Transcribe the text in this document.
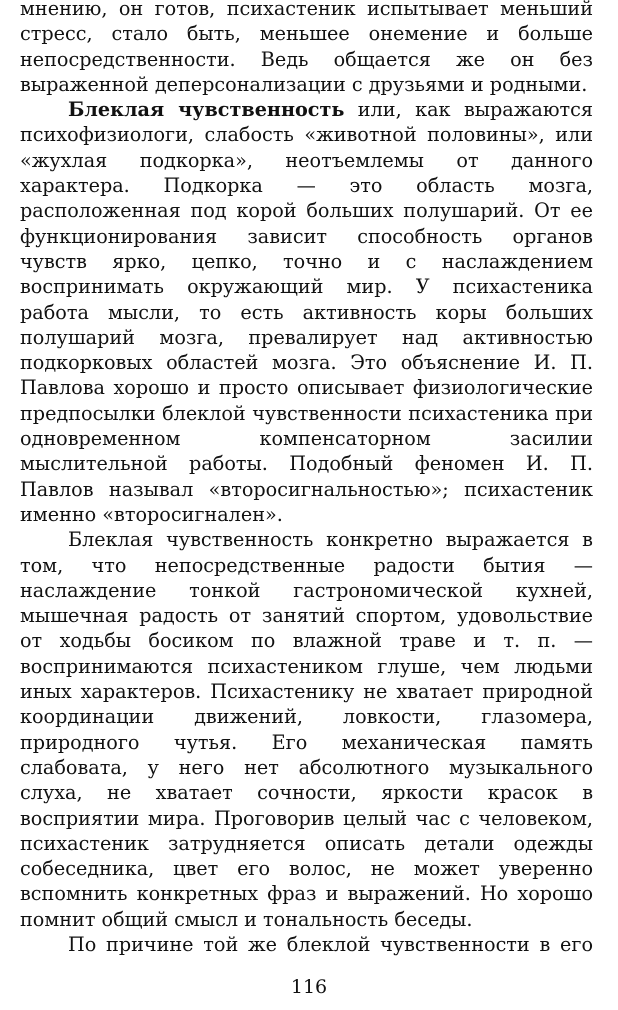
мнению, он готов, психастеник испытывает меньший стресс, стало быть, меньшее онемение и больше непосредственности. Ведь общается же он без выраженной деперсонализации с друзьями и родными.

Блеклая чувственность или, как выражаются психофизиологи, слабость «животной половины», или «жухлая подкорка», неотъемлемы от данного характера. Подкорка — это область мозга, расположенная под корой больших полушарий. От ее функционирования зависит способность органов чувств ярко, цепко, точно и с наслаждением воспринимать окружающий мир. У психастеника работа мысли, то есть активность коры больших полушарий мозга, превалирует над активностью подкорковых областей мозга. Это объяснение И. П. Павлова хорошо и просто описывает физиологические предпосылки блеклой чувственности психастеника при одновременном компенсаторном засилии мыслительной работы. Подобный феномен И. П. Павлов называл «второсигнальностью»; психастеник именно «второсигнален».

Блеклая чувственность конкретно выражается в том, что непосредственные радости бытия — наслаждение тонкой гастрономической кухней, мышечная радость от занятий спортом, удовольствие от ходьбы босиком по влажной траве и т. п. — воспринимаются психастеником глуше, чем людьми иных характеров. Психастенику не хватает природной координации движений, ловкости, глазомера, природного чутья. Его механическая память слабовата, у него нет абсолютного музыкального слуха, не хватает сочности, яркости красок в восприятии мира. Проговорив целый час с человеком, психастеник затрудняется описать детали одежды собеседника, цвет его волос, не может уверенно вспомнить конкретных фраз и выражений. Но хорошо помнит общий смысл и тональность беседы.

По причине той же блеклой чувственности в его

116
